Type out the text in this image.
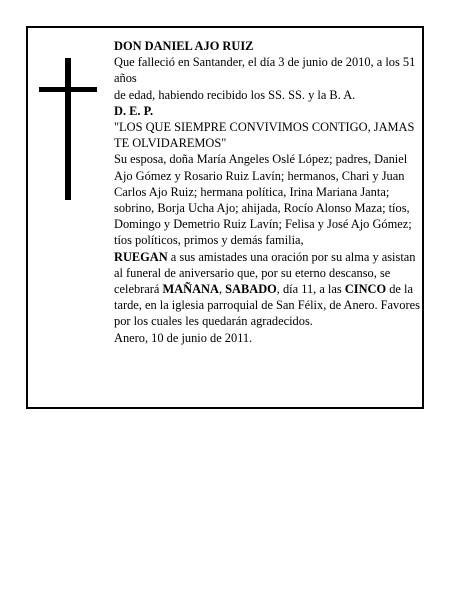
DON DANIEL AJO RUIZ

Que falleció en Santander, el día 3 de junio de 2010, a los 51 años

de edad, habiendo recibido los SS. SS. y la B. A.

D. E. P.

"LOS QUE SIEMPRE CONVIVIMOS CONTIGO, JAMAS TE OLVIDAREMOS"

Su esposa, doña María Angeles Oslé López; padres, Daniel Ajo Gómez y Rosario Ruiz Lavín; hermanos, Chari y Juan Carlos Ajo Ruiz; hermana política, Irina Mariana Janta; sobrino, Borja Ucha Ajo; ahijada, Rocío Alonso Maza; tíos, Domingo y Demetrio Ruiz Lavín; Felisa y José Ajo Gómez; tíos políticos, primos y demás familia,

RUEGAN a sus amistades una oración por su alma y asistan al funeral de aniversario que, por su eterno descanso, se celebrará MAÑANA, SABADO, día 11, a las CINCO de la tarde, en la iglesia parroquial de San Félix, de Anero. Favores por los cuales les quedarán agradecidos.

Anero, 10 de junio de 2011.
